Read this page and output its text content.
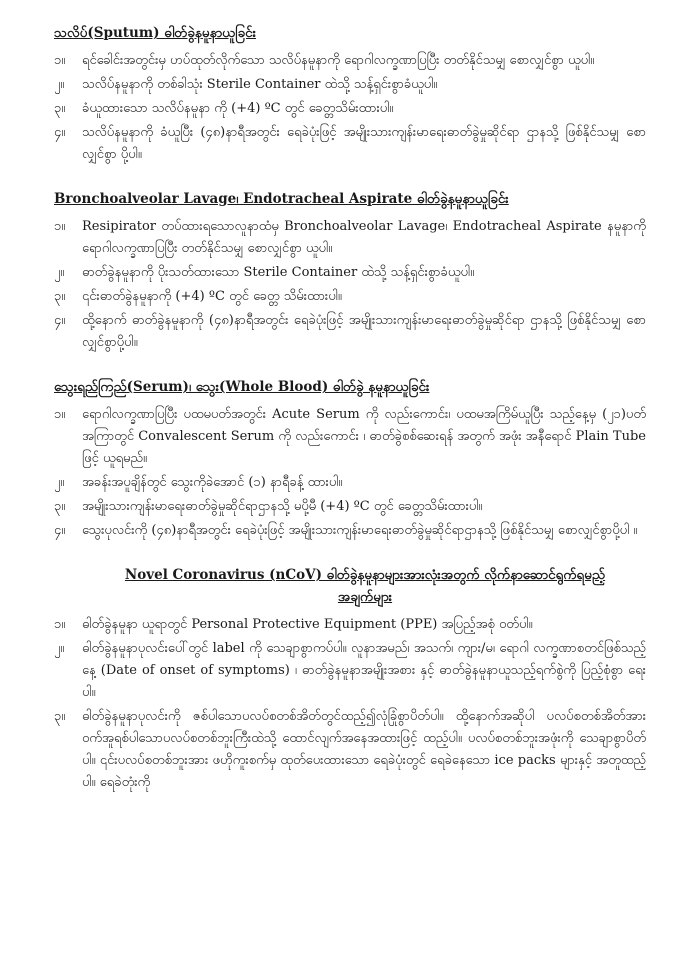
သလိပ်(Sputum) ဓါတ်ခွဲနမူနာယူခြင်း
၁။	ရင်ခေါင်းအတွင်းမှ ဟပ်ထုတ်လိုက်သော သလိပ်နမူနာကို ရောဂါလက္ခဏာပြပြီး တတ်နိုင်သမျှ စောလျှင်စွာ ယူပါ။
၂။	သလိပ်နမူနာကို တစ်ခါသုံး Sterile Container ထဲသို့ သန့်ရှင်းစွာခံယူပါ။
၃။	ခံယူထားသော သလိပ်နမူနာ ကို (+4) ºC တွင် ခေတ္တသိမ်းထားပါ။
၄။	သလိပ်နမူနာကို ခံယူပြီး (၄၈)နာရီအတွင်း ရေခဲပုံးဖြင့် အမျိုးသားကျန်းမာရေးဓာတ်ခွဲမှုဆိုင်ရာ ဌာနသို့ ဖြစ်နိုင်သမျှ စောလျှင်စွာ ပို့ပါ။
Bronchoalveolar Lavage၊ Endotracheal Aspirate ဓါတ်ခွဲနမူနာယူခြင်း
၁။	Resipirator တပ်ထားရသောလူနာထံမှ Bronchoalveolar Lavage၊ Endotracheal Aspirate နမူနာကို ရောဂါလက္ခဏာပြပြီး တတ်နိုင်သမျှ စောလျှင်စွာ ယူပါ။
၂။	ဓာတ်ခွဲနမူနာကို ပိုးသတ်ထားသော Sterile Container ထဲသို့ သန့်ရှင်းစွာခံယူပါ။
၃။	၎င်းဓာတ်ခွဲနမူနာကို (+4) ºC တွင် ခေတ္တ သိမ်းထားပါ။
၄။	ထို့နောက် ဓာတ်ခွဲနမူနာကို (၄၈)နာရီအတွင်း ရေခဲပုံးဖြင့် အမျိုးသားကျန်းမာရေးဓာတ်ခွဲမှုဆိုင်ရာ ဌာနသို့ ဖြစ်နိုင်သမျှ စောလျှင်စွာပို့ပါ။
သွေးရည်ကြည်(Serum)၊ သွေး(Whole Blood) ဓါတ်ခွဲ နမူနာယူခြင်း
၁။	ရောဂါလက္ခဏာပြပြီး ပထမပတ်အတွင်း Acute Serum ကို လည်းကောင်း၊ ပထမအကြိမ်ယူပြီး သည့်နေ့မှ (၂၁)ပတ် အကြာတွင် Convalescent Serum ကို လည်းကောင်း ၊ ဓာတ်ခွဲစစ်ဆေးရန် အတွက် အဖုံး အနီရောင် Plain Tube ဖြင့် ယူရမည်။
၂။	အခန်းအပူချိန်တွင် သွေးကိုခဲအောင် (၁) နာရီခန့် ထားပါ။
၃။	အမျိုးသားကျန်းမာရေးဓာတ်ခွဲမှုဆိုင်ရာဌာနသို့ မပို့မီ (+4) ºC တွင် ခေတ္တသိမ်းထားပါ။
၄။	သွေးပုလင်းကို (၄၈)နာရီအတွင်း ရေခဲပုံးဖြင့် အမျိုးသားကျန်းမာရေးဓာတ်ခွဲမှုဆိုင်ရာဌာနသို့ ဖြစ်နိုင်သမျှ စောလျှင်စွာပို့ပါ ။
Novel Coronavirus (nCoV) ဓါတ်ခွဲနမူနာများအားလုံးအတွက် လိုက်နာဆောင်ရွက်ရမည့် အချက်များ
၁။	ဓါတ်ခွဲနမူနာ ယူရာတွင် Personal Protective Equipment (PPE) အပြည့်အစုံ ဝတ်ပါ။
၂။	ဓါတ်ခွဲနမူနာပုလင်းပေါ်တွင် label ကို သေချာစွာကပ်ပါ။ လူနာအမည်၊ အသက်၊ ကျား/မ၊ ရောဂါ လက္ခဏာစတင်ဖြစ်သည့်နေ့ (Date of onset of symptoms) ၊ ဓာတ်ခွဲနမူနာအမျိုးအစား နှင့် ဓာတ်ခွဲနမူနာယူသည့်ရက်စွဲကို ပြည့်စုံစွာ ရေးပါ။
၃။	ဓါတ်ခွဲနမူနာပုလင်းကို ဇစ်ပါသောပလပ်စတစ်အိတ်တွင်ထည့်၍လုံခြုံစွာပိတ်ပါ။ ထို့နောက်အဆိုပါ ပလပ်စတစ်အိတ်အား ဝက်အူရစ်ပါသောပလပ်စတစ်ဘူးကြီးထဲသို့ ထောင်လျက်အနေအထားဖြင့် ထည့်ပါ။ ပလပ်စတစ်ဘူးအဖုံးကို သေချာစွာပိတ်ပါ။ ၎င်းပလပ်စတစ်ဘူးအား ဖဟိုကူးစက်မှ ထုတ်ပေးထားသော ရေခဲပုံးတွင် ရေခဲနေသော ice packs များနှင့် အတူထည့်ပါ။ ရေခဲတုံးကို
